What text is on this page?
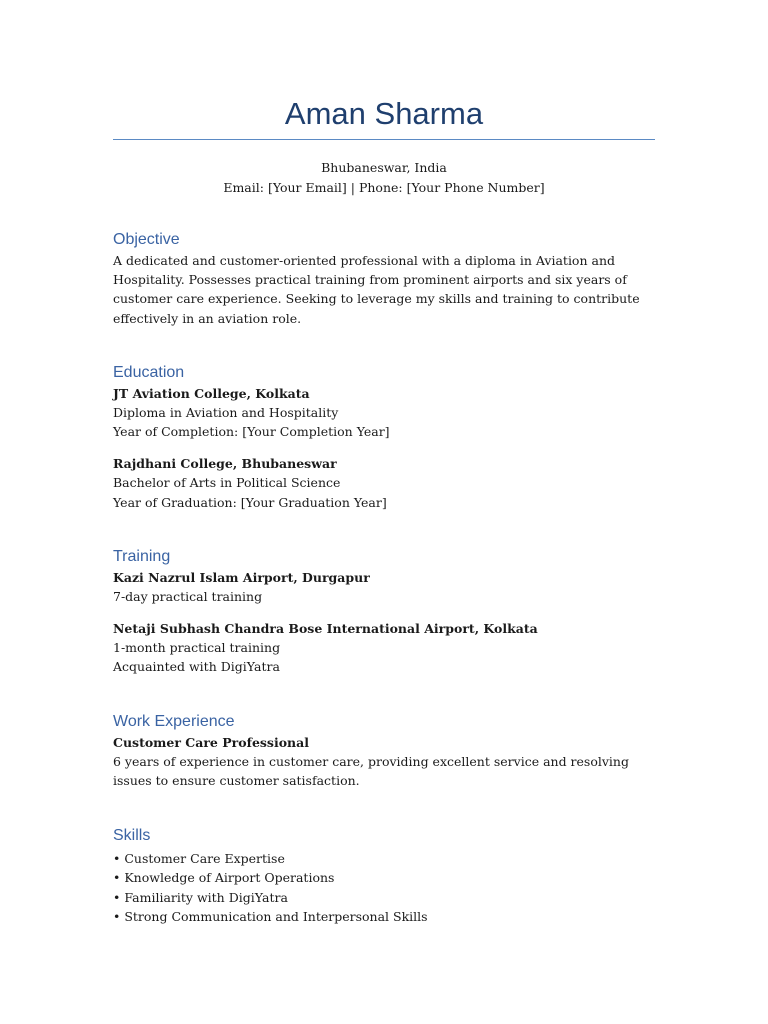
Aman Sharma
Bhubaneswar, India
Email: [Your Email] | Phone: [Your Phone Number]
Objective

A dedicated and customer-oriented professional with a diploma in Aviation and Hospitality. Possesses practical training from prominent airports and six years of customer care experience. Seeking to leverage my skills and training to contribute effectively in an aviation role.

Education
JT Aviation College, Kolkata
Diploma in Aviation and Hospitality
Year of Completion: [Your Completion Year]
Rajdhani College, Bhubaneswar
Bachelor of Arts in Political Science
Year of Graduation: [Your Graduation Year]
Training
Kazi Nazrul Islam Airport, Durgapur
7-day practical training
Netaji Subhash Chandra Bose International Airport, Kolkata
1-month practical training
Acquainted with DigiYatra
Work Experience
Customer Care Professional
6 years of experience in customer care, providing excellent service and resolving issues to ensure customer satisfaction.
Skills
• Customer Care Expertise
• Knowledge of Airport Operations
• Familiarity with DigiYatra
• Strong Communication and Interpersonal Skills
